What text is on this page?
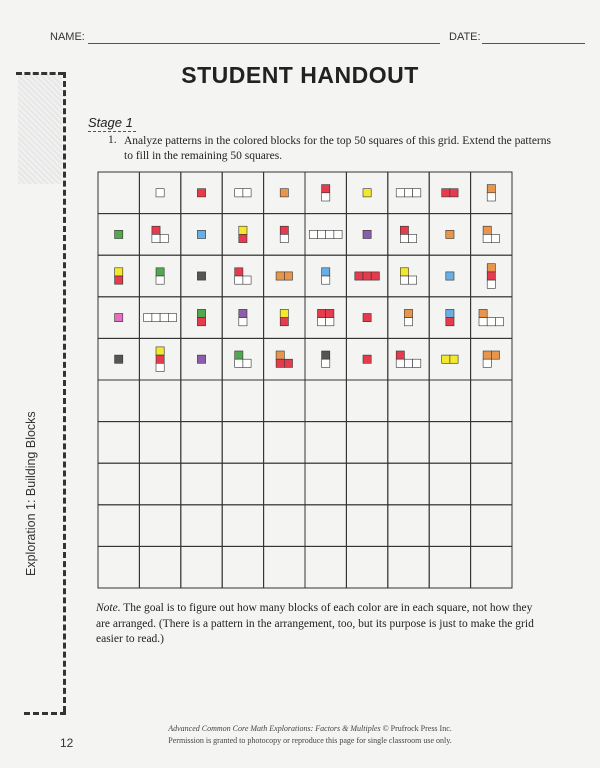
NAME:	DATE:
Exploration 1: Building Blocks
STUDENT HANDOUT
Stage 1
1. Analyze patterns in the colored blocks for the top 50 squares of this grid. Extend the patterns to fill in the remaining 50 squares.
Note. The goal is to figure out how many blocks of each color are in each square, not how they are arranged. (There is a pattern in the arrangement, too, but its purpose is just to make the grid easier to read.)
12
Advanced Common Core Math Explorations: Factors & Multiples © Prufrock Press Inc.
Permission is granted to photocopy or reproduce this page for single classroom use only.
